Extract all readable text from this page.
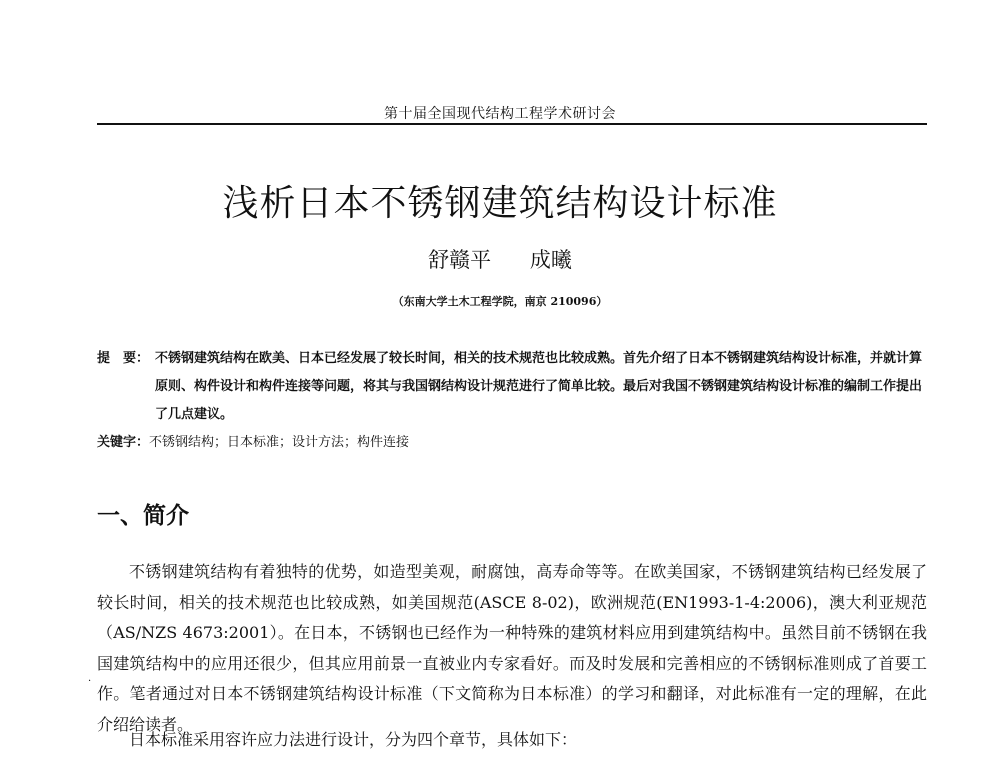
第十届全国现代结构工程学术研讨会
浅析日本不锈钢建筑结构设计标准
舒赣平 成曦
（东南大学土木工程学院，南京 210096）
提　要： 不锈钢建筑结构在欧美、日本已经发展了较长时间，相关的技术规范也比较成熟。首先介绍了日本不锈钢建筑结构设计标准，并就计算原则、构件设计和构件连接等问题，将其与我国钢结构设计规范进行了简单比较。最后对我国不锈钢建筑结构设计标准的编制工作提出了几点建议。
关键字：不锈钢结构；日本标准；设计方法；构件连接
一、简介
·
不锈钢建筑结构有着独特的优势，如造型美观，耐腐蚀，高寿命等等。在欧美国家，不锈钢建筑结构已经发展了较长时间，相关的技术规范也比较成熟，如美国规范(ASCE 8-02)，欧洲规范(EN1993-1-4:2006)，澳大利亚规范（AS/NZS 4673:2001）。在日本，不锈钢也已经作为一种特殊的建筑材料应用到建筑结构中。虽然目前不锈钢在我国建筑结构中的应用还很少，但其应用前景一直被业内专家看好。而及时发展和完善相应的不锈钢标准则成了首要工作。笔者通过对日本不锈钢建筑结构设计标准（下文简称为日本标准）的学习和翻译，对此标准有一定的理解，在此介绍给读者。
日本标准采用容许应力法进行设计，分为四个章节，具体如下：
